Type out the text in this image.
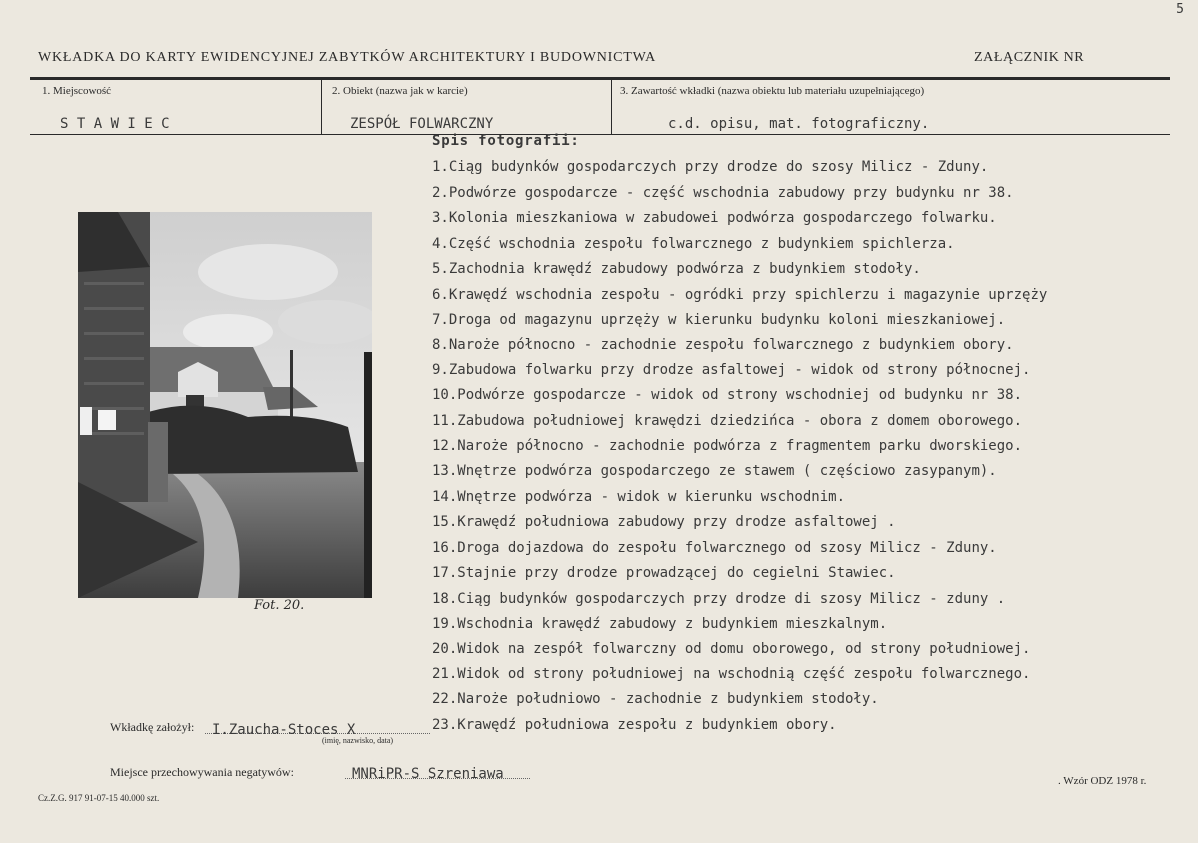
5
WKŁADKA DO KARTY EWIDENCYJNEJ ZABYTKÓW ARCHITEKTURY I BUDOWNICTWA	ZAŁĄCZNIK NR
1. Miejscowość	2. Obiekt (nazwa jak w karcie)	3. Zawartość wkładki (nazwa obiektu lub materiału uzupełniającego)
S T A W I E C	ZESPÓŁ FOLWARCZNY	c.d. opisu, mat. fotograficzny.
Spis fotografii:
1.Ciąg budynków gospodarczych przy drodze do szosy Milicz - Zduny.
2.Podwórze gospodarcze - część wschodnia zabudowy przy budynku nr 38.
3.Kolonia mieszkaniowa w zabudowei podwórza gospodarczego folwarku.
4.Część wschodnia zespołu folwarcznego z budynkiem spichlerza.
5.Zachodnia krawędź zabudowy podwórza z budynkiem stodoły.
6.Krawędź wschodnia zespołu - ogródki przy spichlerzu i magazynie uprzęży
7.Droga od magazynu uprzęży w kierunku budynku koloni mieszkaniowej.
8.Naroże północno - zachodnie zespołu folwarcznego z budynkiem obory.
9.Zabudowa folwarku przy drodze asfaltowej - widok od strony północnej.
10.Podwórze gospodarcze - widok od strony wschodniej od budynku nr 38.
11.Zabudowa południowej krawędzi dziedzińca - obora z domem oborowego.
12.Naroże północno - zachodnie podwórza z fragmentem parku dworskiego.
13.Wnętrze podwórza gospodarczego ze stawem ( częściowo zasypanym).
14.Wnętrze podwórza - widok w kierunku wschodnim.
15.Krawędź południowa zabudowy przy drodze asfaltowej .
16.Droga dojazdowa do zespołu folwarcznego od szosy Milicz - Zduny.
17.Stajnie przy drodze prowadzącej do cegielni Stawiec.
18.Ciąg budynków gospodarczych przy drodze di szosy Milicz - zduny .
19.Wschodnia krawędź zabudowy z budynkiem mieszkalnym.
20.Widok na zespół folwarczny od domu oborowego, od strony południowej.
21.Widok od strony południowej na wschodnią część zespołu folwarcznego.
22.Naroże południowo - zachodnie z budynkiem stodoły.
23.Krawędź południowa zespołu z budynkiem obory.
Fot. 20.
Wkładkę założył: I.Zaucha-Stoces X
(imię, nazwisko, data)
Miejsce przechowywania negatywów:	MNRiPR-S Szreniawa
Cz.Z.G. 917 91-07-15 40.000 szt.
. Wzór ODZ 1978 r.
